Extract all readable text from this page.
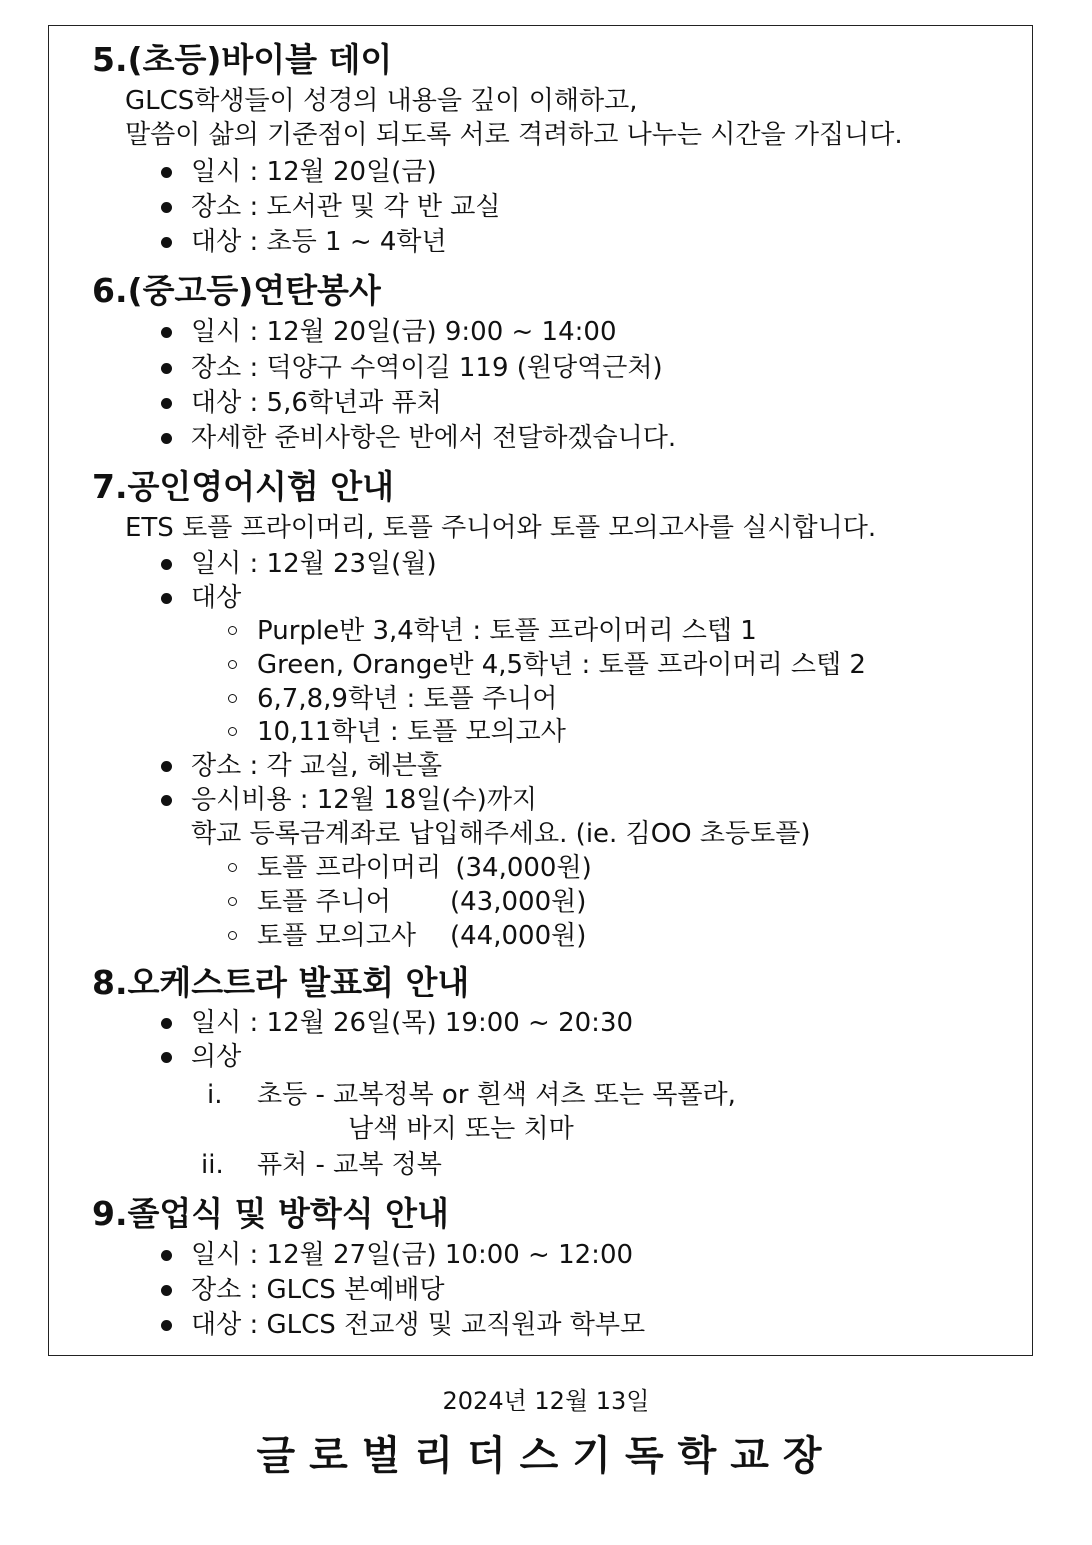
5.(초등)바이블 데이
GLCS학생들이 성경의 내용을 깊이 이해하고,
말씀이 삶의 기준점이 되도록 서로 격려하고 나누는 시간을 가집니다.
일시 : 12월 20일(금)
장소 : 도서관 및 각 반 교실
대상 : 초등 1 ~ 4학년
6.(중고등)연탄봉사
일시 : 12월 20일(금) 9:00 ~ 14:00
장소 : 덕양구 수역이길 119 (원당역근처)
대상 : 5,6학년과 퓨처
자세한 준비사항은 반에서 전달하겠습니다.
7.공인영어시험 안내
ETS 토플 프라이머리, 토플 주니어와 토플 모의고사를 실시합니다.
일시 : 12월 23일(월)
대상
Purple반 3,4학년 : 토플 프라이머리 스텝 1
Green, Orange반 4,5학년 : 토플 프라이머리 스텝 2
6,7,8,9학년 : 토플 주니어
10,11학년 : 토플 모의고사
장소 : 각 교실, 헤븐홀
응시비용 : 12월 18일(수)까지
학교 등록금계좌로 납입해주세요. (ie. 김OO 초등토플)
토플 프라이머리 (34,000원)
토플 주니어 (43,000원)
토플 모의고사 (44,000원)
8.오케스트라 발표회 안내
일시 : 12월 26일(목) 19:00 ~ 20:30
의상
i. 초등 - 교복정복 or 흰색 셔츠 또는 목폴라,
남색 바지 또는 치마
ii. 퓨처 - 교복 정복
9.졸업식 및 방학식 안내
일시 : 12월 27일(금) 10:00 ~ 12:00
장소 : GLCS 본예배당
대상 : GLCS 전교생 및 교직원과 학부모
2024년 12월 13일
글로벌리더스기독학교장
